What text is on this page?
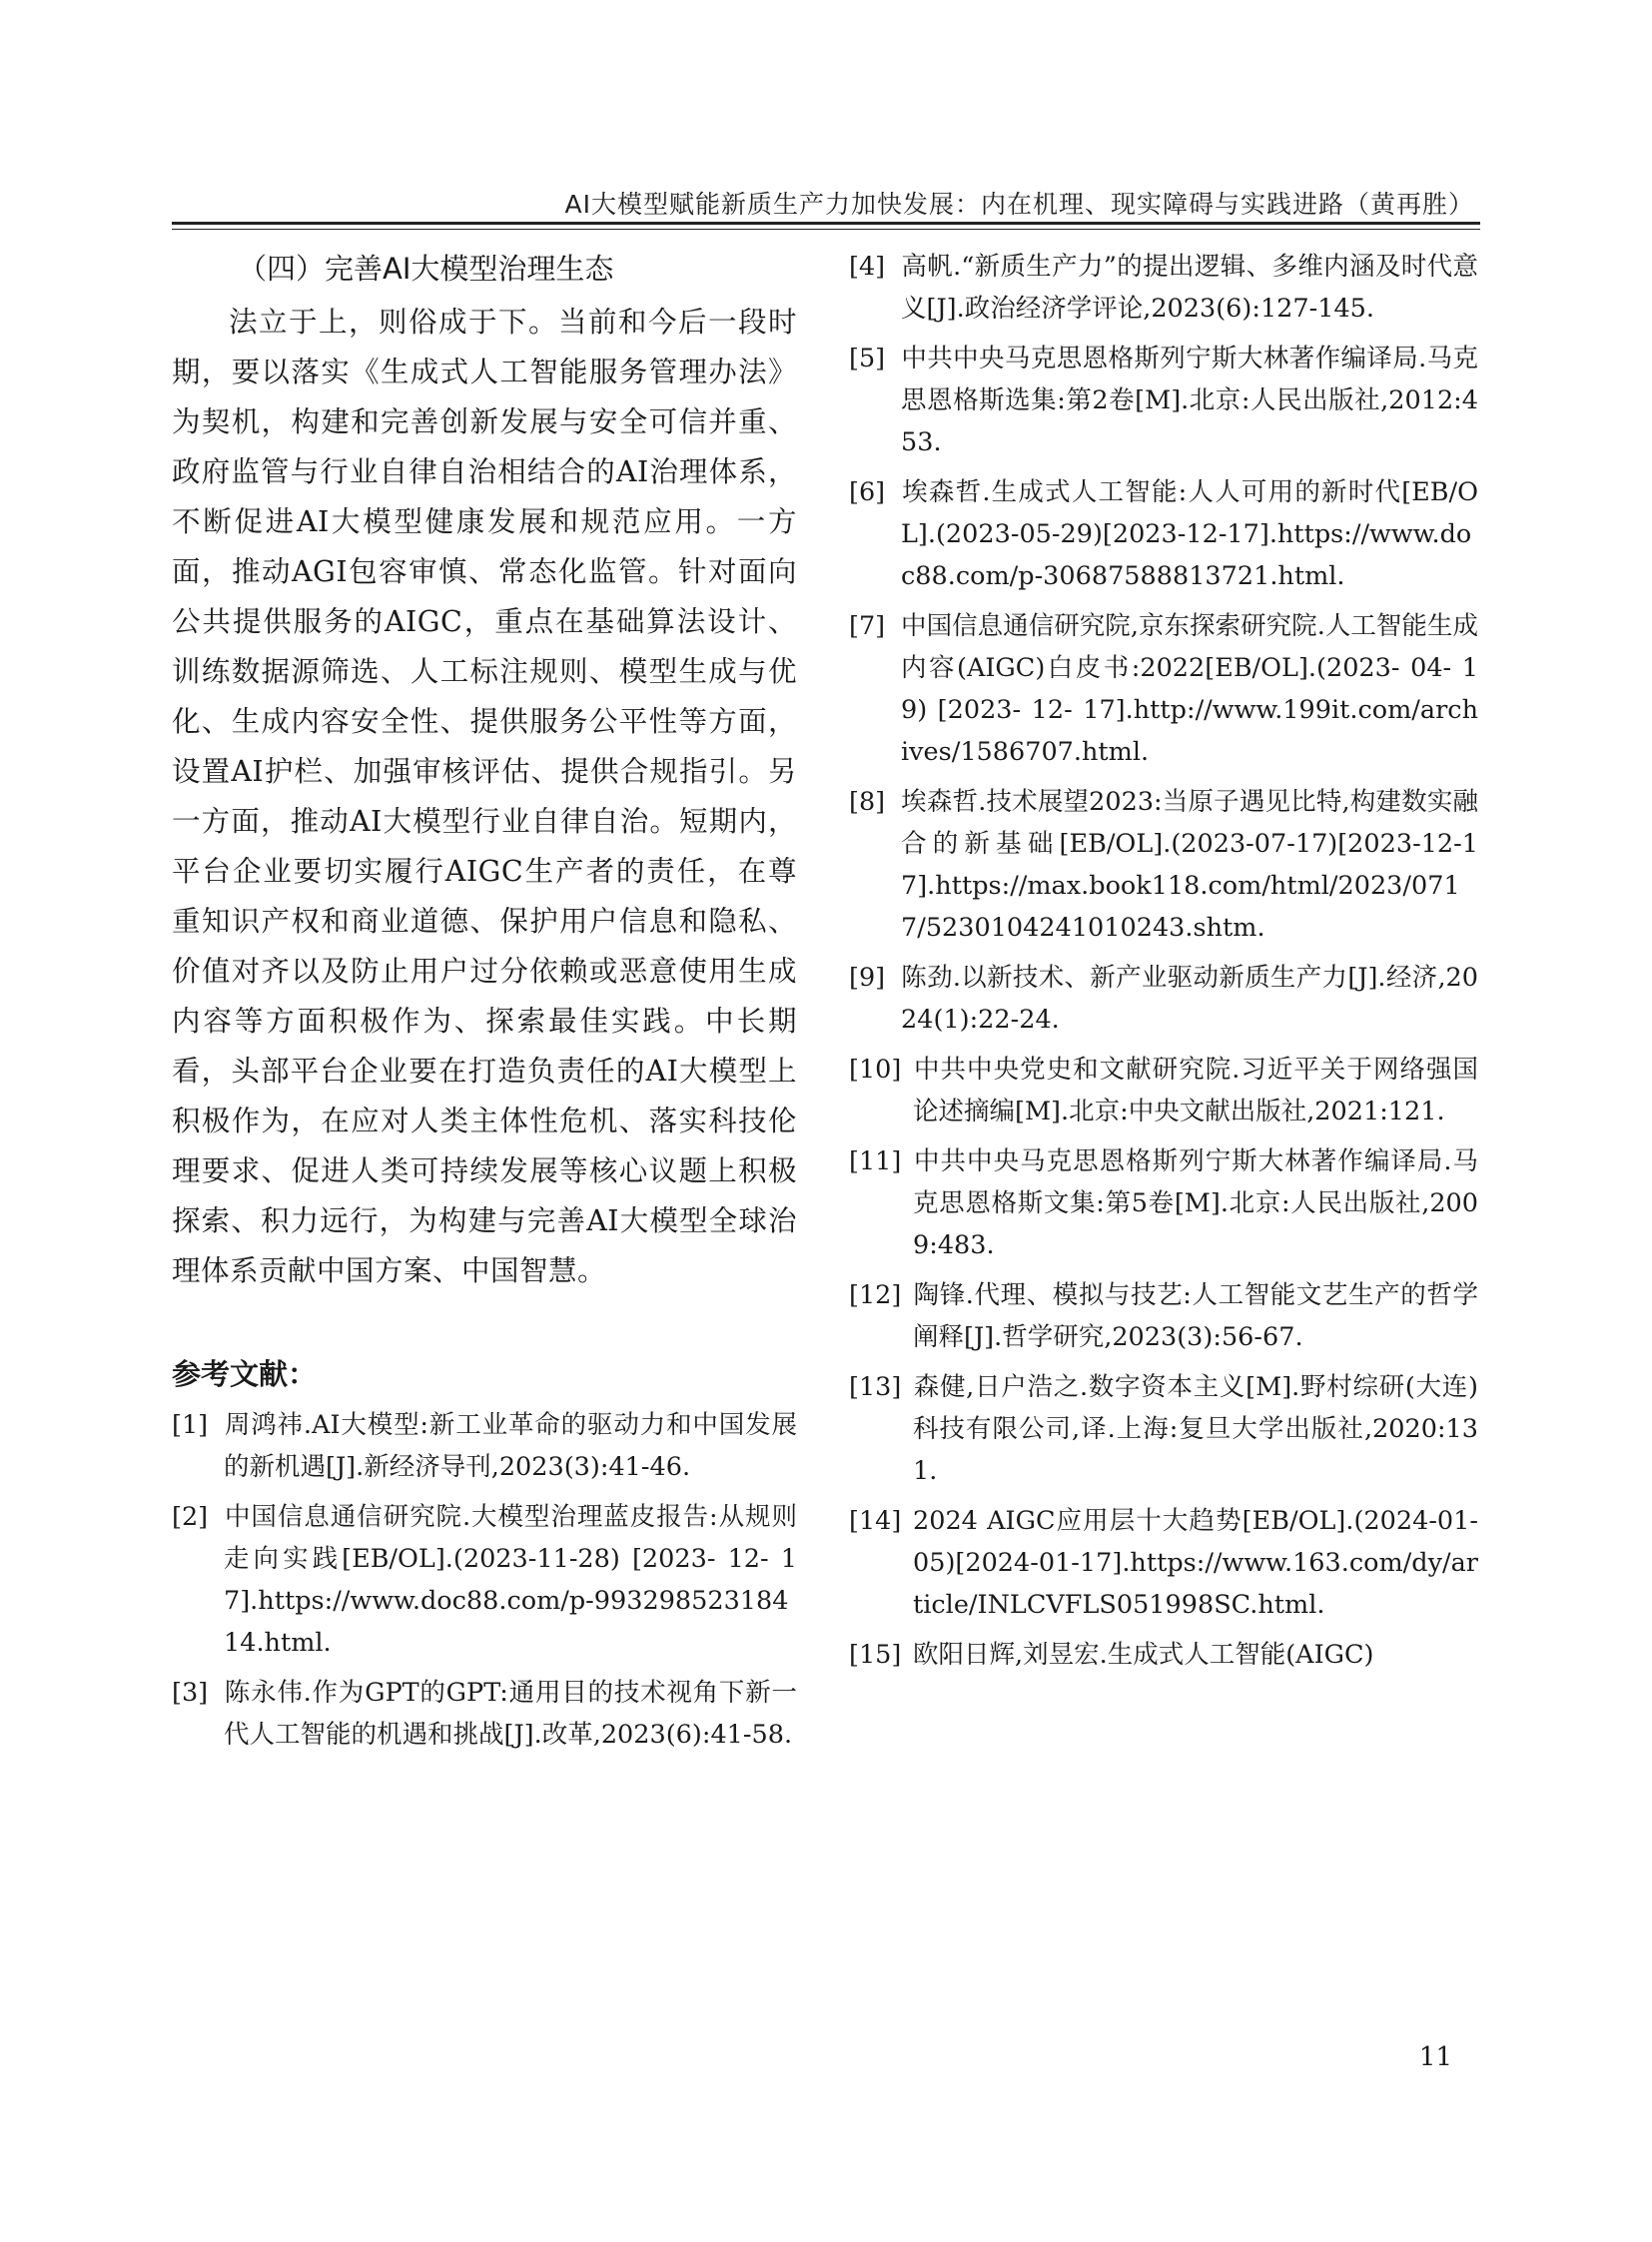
AI大模型赋能新质生产力加快发展：内在机理、现实障碍与实践进路（黄再胜）
（四）完善AI大模型治理生态

法立于上，则俗成于下。当前和今后一段时期，要以落实《生成式人工智能服务管理办法》为契机，构建和完善创新发展与安全可信并重、政府监管与行业自律自治相结合的AI治理体系，不断促进AI大模型健康发展和规范应用。一方面，推动AGI包容审慎、常态化监管。针对面向公共提供服务的AIGC，重点在基础算法设计、训练数据源筛选、人工标注规则、模型生成与优化、生成内容安全性、提供服务公平性等方面，设置AI护栏、加强审核评估、提供合规指引。另一方面，推动AI大模型行业自律自治。短期内，平台企业要切实履行AIGC生产者的责任，在尊重知识产权和商业道德、保护用户信息和隐私、价值对齐以及防止用户过分依赖或恶意使用生成内容等方面积极作为、探索最佳实践。中长期看，头部平台企业要在打造负责任的AI大模型上积极作为，在应对人类主体性危机、落实科技伦理要求、促进人类可持续发展等核心议题上积极探索、积力远行，为构建与完善AI大模型全球治理体系贡献中国方案、中国智慧。

参考文献：
[1] 周鸿祎.AI大模型:新工业革命的驱动力和中国发展的新机遇[J].新经济导刊,2023(3):41-46.
[2] 中国信息通信研究院.大模型治理蓝皮报告:从规则走向实践[EB/OL].(2023-11-28) [2023- 12- 17].https://www.doc88.com/p-99329852318414.html.
[3] 陈永伟.作为GPT的GPT:通用目的技术视角下新一代人工智能的机遇和挑战[J].改革,2023(6):41-58.
[4] 高帆.“新质生产力”的提出逻辑、多维内涵及时代意义[J].政治经济学评论,2023(6):127-145.
[5] 中共中央马克思恩格斯列宁斯大林著作编译局.马克思恩格斯选集:第2卷[M].北京:人民出版社,2012:453.
[6] 埃森哲.生成式人工智能:人人可用的新时代[EB/OL].(2023-05-29)[2023-12-17].https://www.doc88.com/p-30687588813721.html.
[7] 中国信息通信研究院,京东探索研究院.人工智能生成内容(AIGC)白皮书:2022[EB/OL].(2023- 04- 19) [2023- 12- 17].http://www.199it.com/archives/1586707.html.
[8] 埃森哲.技术展望2023:当原子遇见比特,构建数实融合的新基础[EB/OL].(2023-07-17)[2023-12-17].https://max.book118.com/html/2023/0717/5230104241010243.shtm.
[9] 陈劲.以新技术、新产业驱动新质生产力[J].经济,2024(1):22-24.
[10] 中共中央党史和文献研究院.习近平关于网络强国论述摘编[M].北京:中央文献出版社,2021:121.
[11] 中共中央马克思恩格斯列宁斯大林著作编译局.马克思恩格斯文集:第5卷[M].北京:人民出版社,2009:483.
[12] 陶锋.代理、模拟与技艺:人工智能文艺生产的哲学阐释[J].哲学研究,2023(3):56-67.
[13] 森健,日户浩之.数字资本主义[M].野村综研(大连)科技有限公司,译.上海:复旦大学出版社,2020:131.
[14] 2024 AIGC应用层十大趋势[EB/OL].(2024-01-05)[2024-01-17].https://www.163.com/dy/article/INLCVFLS051998SC.html.
[15] 欧阳日辉,刘昱宏.生成式人工智能(AIGC)
11
